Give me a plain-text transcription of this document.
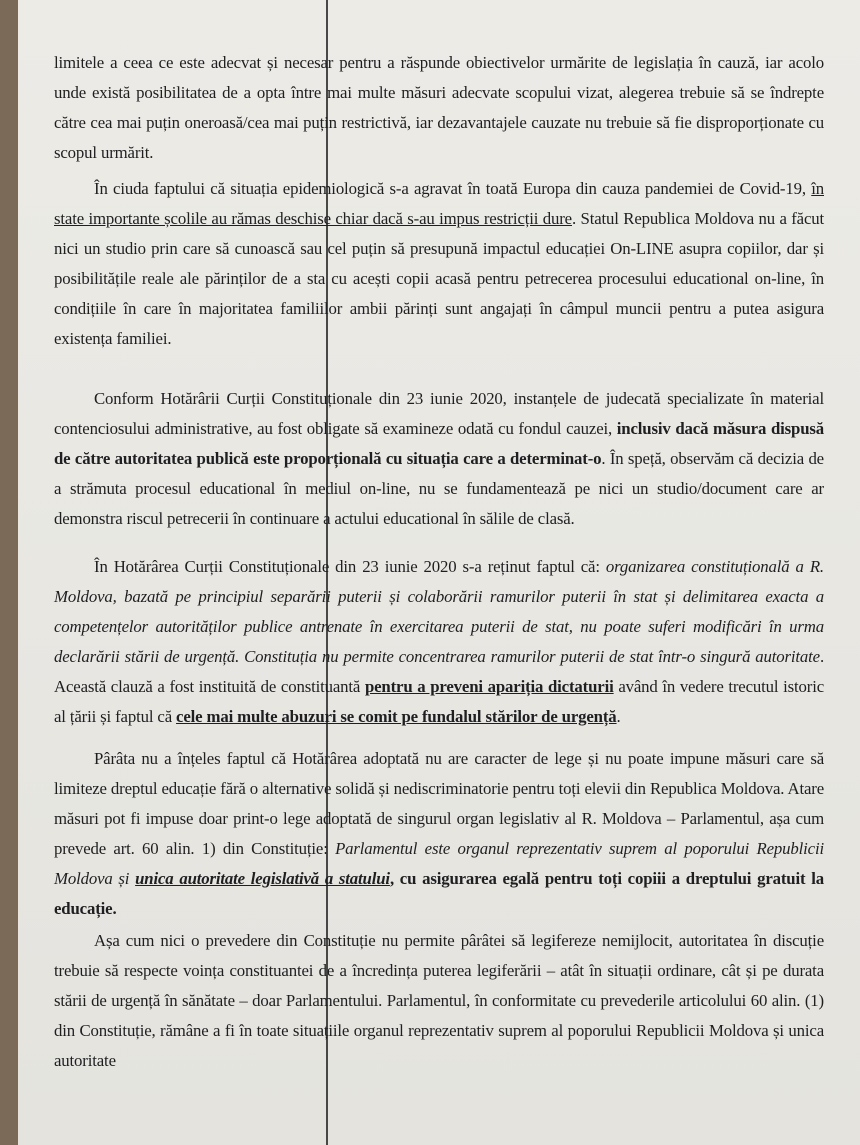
limitele a ceea ce este adecvat și necesar pentru a răspunde obiectivelor urmărite de legislația în cauză, iar acolo unde există posibilitatea de a opta între mai multe măsuri adecvate scopului vizat, alegerea trebuie să se îndrepte către cea mai puțin oneroasă/cea mai puțin restrictivă, iar dezavantajele cauzate nu trebuie să fie disproporționate cu scopul urmărit.

În ciuda faptului că situația epidemiologică s-a agravat în toată Europa din cauza pandemiei de Covid-19, în state importante școlile au rămas deschise chiar dacă s-au impus restricții dure. Statul Republica Moldova nu a făcut nici un studio prin care să cunoască sau cel puțin să presupună impactul educației On-LINE asupra copiilor, dar și posibilitățile reale ale părinților de a sta cu acești copii acasă pentru petrecerea procesului educational on-line, în condițiile în care în majoritatea familiilor ambii părinți sunt angajați în câmpul muncii pentru a putea asigura existența familiei.

Conform Hotărârii Curții Constituționale din 23 iunie 2020, instanțele de judecată specializate în material contenciosului administrative, au fost obligate să examineze odată cu fondul cauzei, inclusiv dacă măsura dispusă de către autoritatea publică este proporțională cu situația care a determinat-o. În speță, observăm că decizia de a strămuta procesul educational în mediul on-line, nu se fundamentează pe nici un studio/document care ar demonstra riscul petrecerii în continuare a actului educational în sălile de clasă.

În Hotărârea Curții Constituționale din 23 iunie 2020 s-a reținut faptul că: organizarea constituțională a R. Moldova, bazată pe principiul separării puterii și colaborării ramurilor puterii în stat și delimitarea exacta a competențelor autorităților publice antrenate în exercitarea puterii de stat, nu poate suferi modificări în urma declarării stării de urgență. Constituția nu permite concentrarea ramurilor puterii de stat într-o singură autoritate. Această clauză a fost instituită de constituantă pentru a preveni apariția dictaturii având în vedere trecutul istoric al țării și faptul că cele mai multe abuzuri se comit pe fundalul stărilor de urgență.

Pârâta nu a înțeles faptul că Hotărârea adoptată nu are caracter de lege și nu poate impune măsuri care să limiteze dreptul educație fără o alternative solidă și nediscriminatorie pentru toți elevii din Republica Moldova. Atare măsuri pot fi impuse doar print-o lege adoptată de singurul organ legislativ al R. Moldova – Parlamentul, așa cum prevede art. 60 alin. 1) din Constituție: Parlamentul este organul reprezentativ suprem al poporului Republicii Moldova și unica autoritate legislativă a statului, cu asigurarea egală pentru toți copiii a dreptului gratuit la educație.

Așa cum nici o prevedere din Constituție nu permite pârâtei să legifereze nemijlocit, autoritatea în discuție trebuie să respecte voința constituantei de a încredința puterea legiferării – atât în situații ordinare, cât și pe durata stării de urgență în sănătate – doar Parlamentului. Parlamentul, în conformitate cu prevederile articolului 60 alin. (1) din Constituție, rămâne a fi în toate situațiile organul reprezentativ suprem al poporului Republicii Moldova și unica autoritate
